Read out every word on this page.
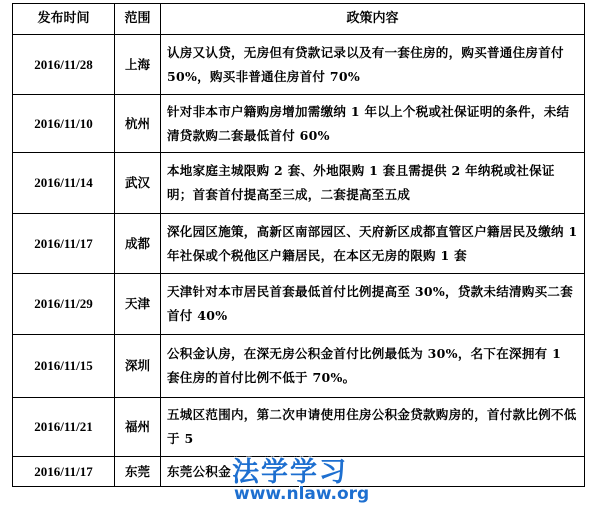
发布时间	范围	政策内容
2016/11/28	上海	认房又认贷，无房但有贷款记录以及有一套住房的，购买普通住房首付 50%，购买非普通住房首付 70%
2016/11/10	杭州	针对非本市户籍购房增加需缴纳 1 年以上个税或社保证明的条件，未结清贷款购二套最低首付 60%
2016/11/14	武汉	本地家庭主城限购 2 套、外地限购 1 套且需提供 2 年纳税或社保证明；首套首付提高至三成，二套提高至五成
2016/11/17	成都	深化园区施策，高新区南部园区、天府新区成都直管区户籍居民及缴纳 1 年社保或个税他区户籍居民，在本区无房的限购 1 套
2016/11/29	天津	天津针对本市居民首套最低首付比例提高至 30%，贷款未结清购买二套首付 40%
2016/11/15	深圳	公积金认房，在深无房公积金首付比例最低为 30%，名下在深拥有 1 套住房的首付比例不低于 70%。
2016/11/21	福州	五城区范围内，第二次申请使用住房公积金贷款购房的，首付款比例不低于 5
2016/11/17	东莞	东莞公积金 法学学习
www.nlaw.org
